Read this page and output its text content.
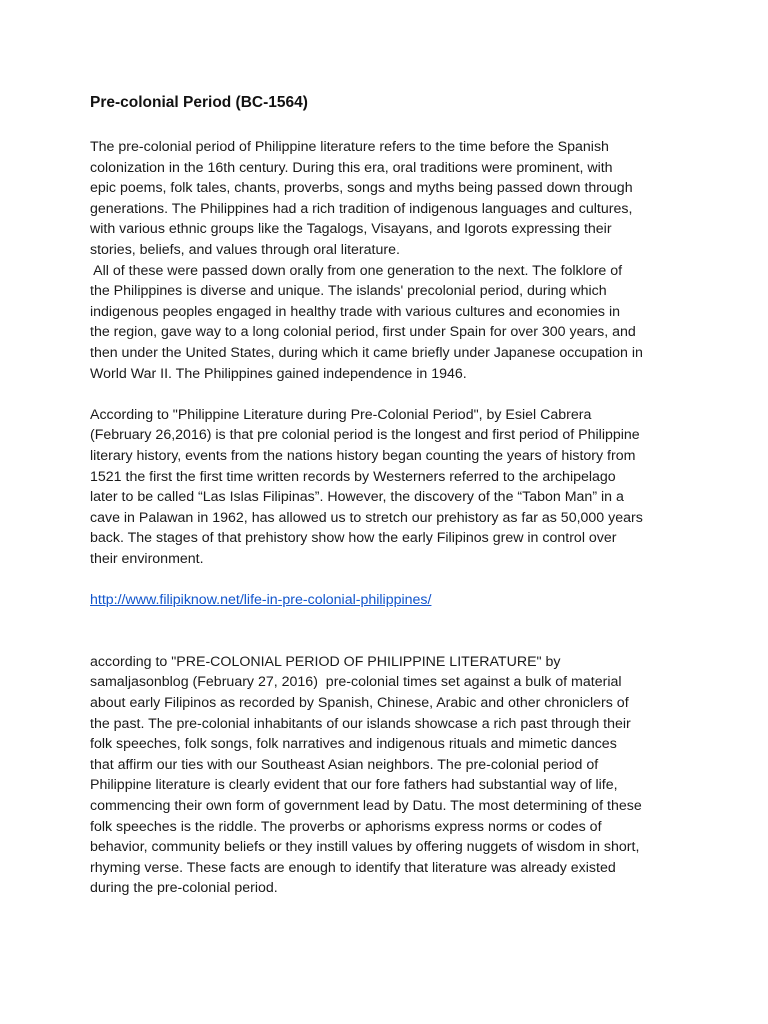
Pre-colonial Period (BC-1564)

The pre-colonial period of Philippine literature refers to the time before the Spanish
colonization in the 16th century. During this era, oral traditions were prominent, with
epic poems, folk tales, chants, proverbs, songs and myths being passed down through
generations. The Philippines had a rich tradition of indigenous languages and cultures,
with various ethnic groups like the Tagalogs, Visayans, and Igorots expressing their
stories, beliefs, and values through oral literature.
All of these were passed down orally from one generation to the next. The folklore of
the Philippines is diverse and unique. The islands' precolonial period, during which
indigenous peoples engaged in healthy trade with various cultures and economies in
the region, gave way to a long colonial period, first under Spain for over 300 years, and
then under the United States, during which it came briefly under Japanese occupation in
World War II. The Philippines gained independence in 1946.

According to "Philippine Literature during Pre-Colonial Period", by Esiel Cabrera
(February 26,2016) is that pre colonial period is the longest and first period of Philippine
literary history, events from the nations history began counting the years of history from
1521 the first the first time written records by Westerners referred to the archipelago
later to be called “Las Islas Filipinas”. However, the discovery of the “Tabon Man” in a
cave in Palawan in 1962, has allowed us to stretch our prehistory as far as 50,000 years
back. The stages of that prehistory show how the early Filipinos grew in control over
their environment.

http://www.filipiknow.net/life-in-pre-colonial-philippines/

according to "PRE-COLONIAL PERIOD OF PHILIPPINE LITERATURE" by
samaljasonblog (February 27, 2016)  pre-colonial times set against a bulk of material
about early Filipinos as recorded by Spanish, Chinese, Arabic and other chroniclers of
the past. The pre-colonial inhabitants of our islands showcase a rich past through their
folk speeches, folk songs, folk narratives and indigenous rituals and mimetic dances
that affirm our ties with our Southeast Asian neighbors. The pre-colonial period of
Philippine literature is clearly evident that our fore fathers had substantial way of life,
commencing their own form of government lead by Datu. The most determining of these
folk speeches is the riddle. The proverbs or aphorisms express norms or codes of
behavior, community beliefs or they instill values by offering nuggets of wisdom in short,
rhyming verse. These facts are enough to identify that literature was already existed
during the pre-colonial period.
